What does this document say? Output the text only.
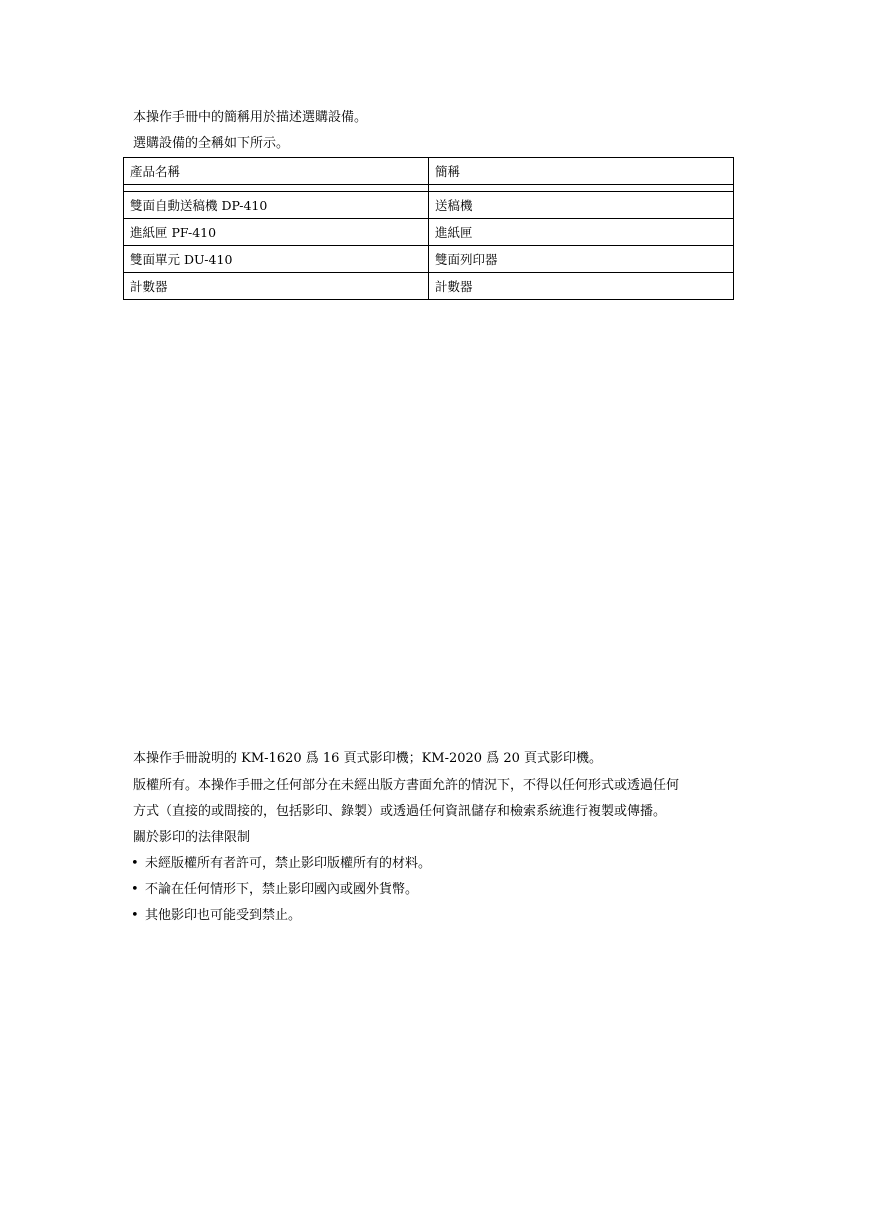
本操作手冊中的簡稱用於描述選購設備。
選購設備的全稱如下所示。
產品名稱	簡稱

雙面自動送稿機 DP-410	送稿機
進紙匣 PF-410	進紙匣
雙面單元 DU-410	雙面列印器
計數器	計數器
本操作手冊說明的 KM-1620 爲 16 頁式影印機；KM-2020 爲 20 頁式影印機。
版權所有。本操作手冊之任何部分在未經出版方書面允許的情況下，不得以任何形式或透過任何
方式（直接的或間接的，包括影印、錄製）或透過任何資訊儲存和檢索系統進行複製或傳播。
關於影印的法律限制
• 未經版權所有者許可，禁止影印版權所有的材料。
• 不論在任何情形下，禁止影印國內或國外貨幣。
• 其他影印也可能受到禁止。
